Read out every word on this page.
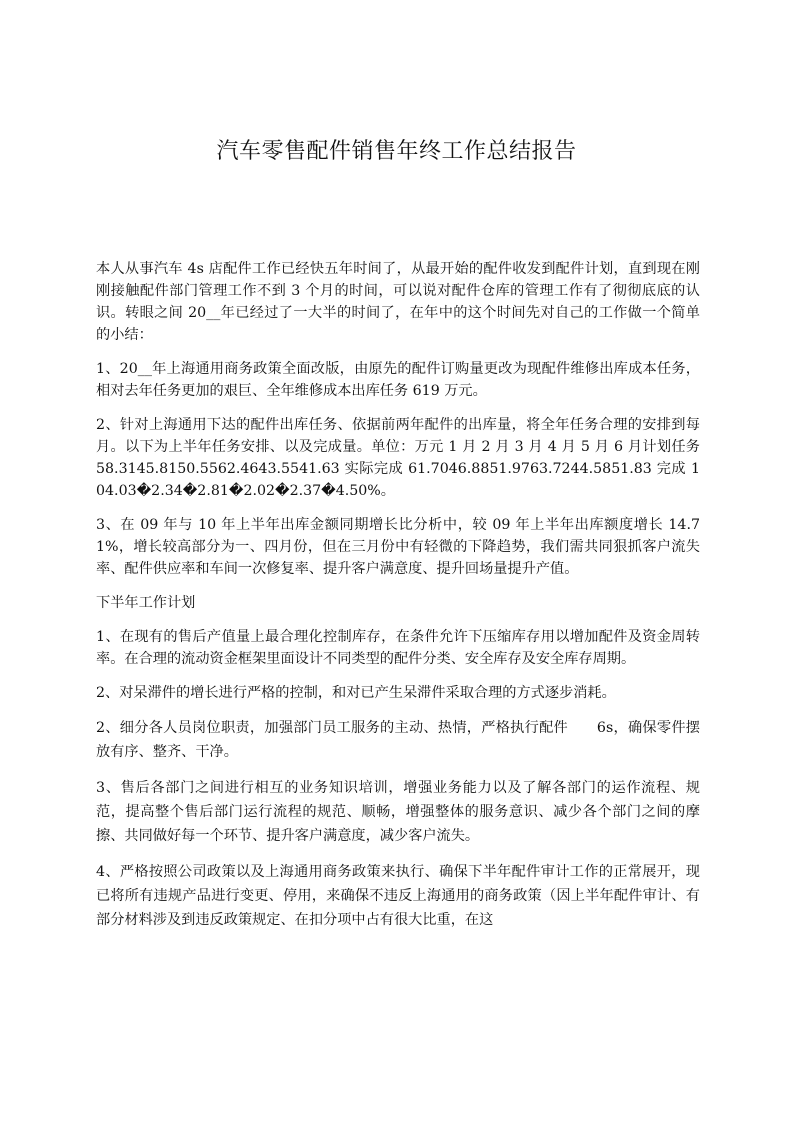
汽车零售配件销售年终工作总结报告

本人从事汽车 4s 店配件工作已经快五年时间了，从最开始的配件收发到配件计划，直到现在刚刚接触配件部门管理工作不到 3 个月的时间，可以说对配件仓库的管理工作有了彻彻底底的认识。转眼之间 20__年已经过了一大半的时间了，在年中的这个时间先对自己的工作做一个简单的小结：

1、20__年上海通用商务政策全面改版，由原先的配件订购量更改为现配件维修出库成本任务，相对去年任务更加的艰巨、全年维修成本出库任务 619 万元。

2、针对上海通用下达的配件出库任务、依据前两年配件的出库量，将全年任务合理的安排到每月。以下为上半年任务安排、以及完成量。单位：万元 1 月 2 月 3 月 4 月 5 月 6 月计划任务 58.3145.8150.5562.4643.5541.63 实际完成 61.7046.8851.9763.7244.5851.83 完成 104.03�2.34�2.81�2.02�2.37�4.50%。

3、在 09 年与 10 年上半年出库金额同期增长比分析中，较 09 年上半年出库额度增长 14.71%，增长较高部分为一、四月份，但在三月份中有轻微的下降趋势，我们需共同狠抓客户流失率、配件供应率和车间一次修复率、提升客户满意度、提升回场量提升产值。

下半年工作计划

1、在现有的售后产值量上最合理化控制库存，在条件允许下压缩库存用以增加配件及资金周转率。在合理的流动资金框架里面设计不同类型的配件分类、安全库存及安全库存周期。

2、对呆滞件的增长进行严格的控制，和对已产生呆滞件采取合理的方式逐步消耗。

2、细分各人员岗位职责，加强部门员工服务的主动、热情，严格执行配件　　6s，确保零件摆放有序、整齐、干净。

3、售后各部门之间进行相互的业务知识培训，增强业务能力以及了解各部门的运作流程、规范，提高整个售后部门运行流程的规范、顺畅，增强整体的服务意识、减少各个部门之间的摩擦、共同做好每一个环节、提升客户满意度，减少客户流失。

4、严格按照公司政策以及上海通用商务政策来执行、确保下半年配件审计工作的正常展开，现已将所有违规产品进行变更、停用，来确保不违反上海通用的商务政策（因上半年配件审计、有部分材料涉及到违反政策规定、在扣分项中占有很大比重，在这
